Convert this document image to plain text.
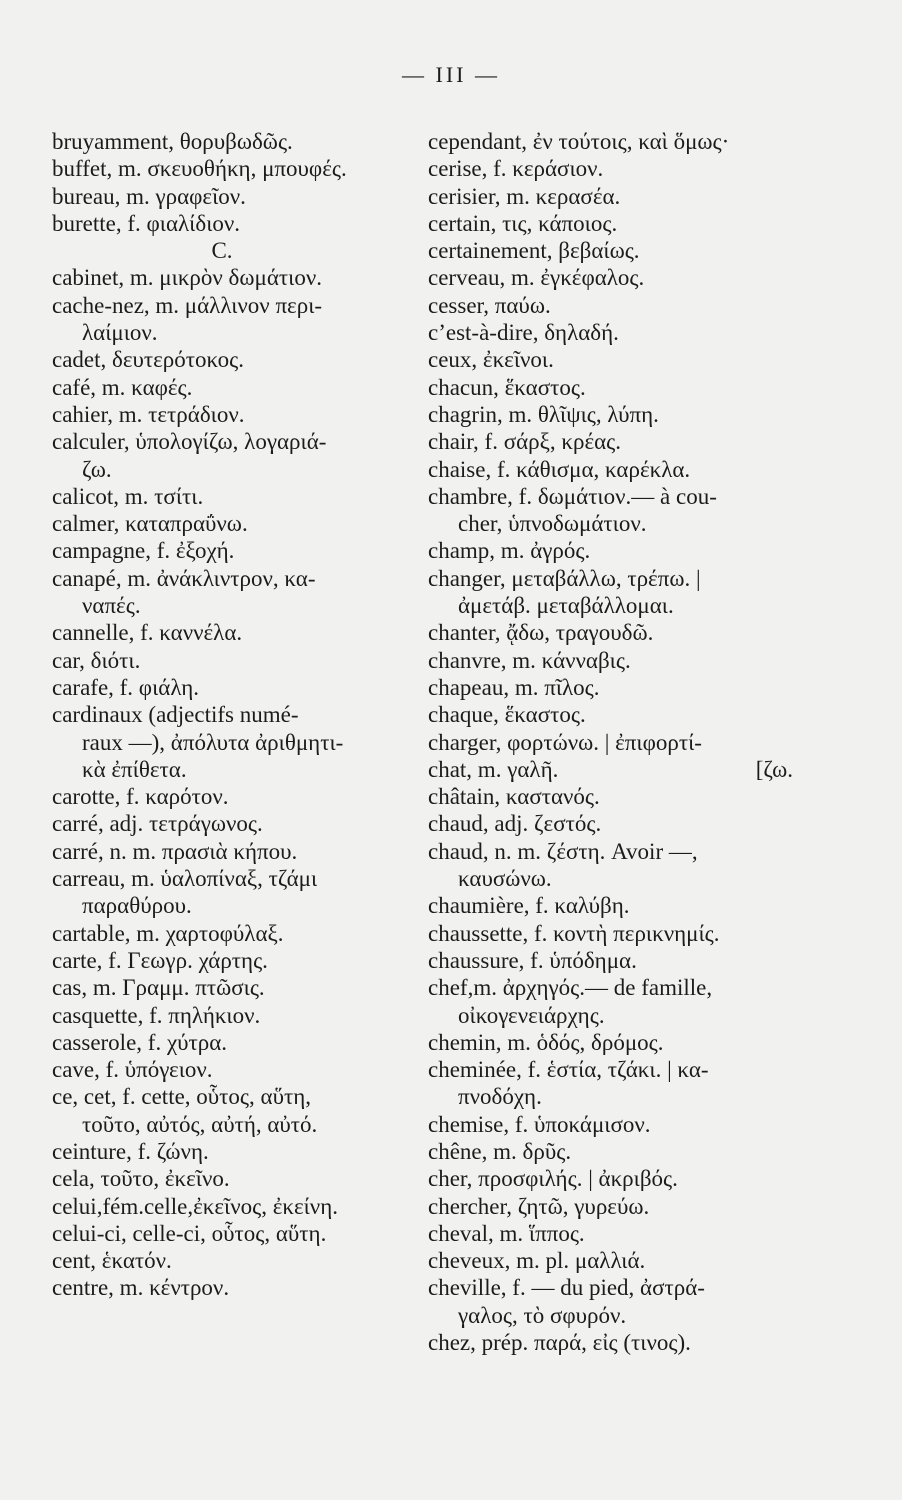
— III —
bruyamment, θορυβωδῶς.
buffet, m. σκευοθήκη, μπουφές.
bureau, m. γραφεῖον.
burette, f. φιαλίδιον.
C.
cabinet, m. μικρὸν δωμάτιον.
cache-nez, m. μάλλινον περι-
λαίμιον.
cadet, δευτερότοκος.
café, m. καφές.
cahier, m. τετράδιον.
calculer, ὑπολογίζω, λογαριά-
ζω.
calicot, m. τσίτι.
calmer, καταπραΰνω.
campagne, f. ἐξοχή.
canapé, m. ἀνάκλιντρον, κα-
ναπές.
cannelle, f. καννέλα.
car, διότι.
carafe, f. φιάλη.
cardinaux (adjectifs numé-
raux —), ἀπόλυτα ἀριθμητι-
κὰ ἐπίθετα.
carotte, f. καρότον.
carré, adj. τετράγωνος.
carré, n. m. πρασιὰ κήπου.
carreau, m. ὑαλοπίναξ, τζάμι
παραθύρου.
cartable, m. χαρτοφύλαξ.
carte, f. Γεωγρ. χάρτης.
cas, m. Γραμμ. πτῶσις.
casquette, f. πηλήκιον.
casserole, f. χύτρα.
cave, f. ὑπόγειον.
ce, cet, f. cette, οὗτος, αὕτη,
τοῦτο, αὐτός, αὐτή, αὐτό.
ceinture, f. ζώνη.
cela, τοῦτο, ἐκεῖνο.
celui,fém.celle,ἐκεῖνος, ἐκείνη.
celui-ci, celle-ci, οὗτος, αὕτη.
cent, ἑκατόν.
centre, m. κέντρον.
cependant, ἐν τούτοις, καὶ ὅμως·
cerise, f. κεράσιον.
cerisier, m. κερασέα.
certain, τις, κάποιος.
certainement, βεβαίως.
cerveau, m. ἐγκέφαλος.
cesser, παύω.
c’est-à-dire, δηλαδή.
ceux, ἐκεῖνοι.
chacun, ἕκαστος.
chagrin, m. θλῖψις, λύπη.
chair, f. σάρξ, κρέας.
chaise, f. κάθισμα, καρέκλα.
chambre, f. δωμάτιον.— à cou-
cher, ὑπνοδωμάτιον.
champ, m. ἀγρός.
changer, μεταβάλλω, τρέπω. |
ἀμετάβ. μεταβάλλομαι.
chanter, ᾄδω, τραγουδῶ.
chanvre, m. κάνναβις.
chapeau, m. πῖλος.
chaque, ἕκαστος.
charger, φορτώνω. | ἐπιφορτί-
chat, m. γαλῆ.	[ζω.
châtain, καστανός.
chaud, adj. ζεστός.
chaud, n. m. ζέστη. Avoir —,
καυσώνω.
chaumière, f. καλύβη.
chaussette, f. κοντὴ περικνημίς.
chaussure, f. ὑπόδημα.
chef,m. ἀρχηγός.— de famille,
οἰκογενειάρχης.
chemin, m. ὁδός, δρόμος.
cheminée, f. ἑστία, τζάκι. | κα-
πνοδόχη.
chemise, f. ὑποκάμισον.
chêne, m. δρῦς.
cher, προσφιλής. | ἀκριβός.
chercher, ζητῶ, γυρεύω.
cheval, m. ἵππος.
cheveux, m. pl. μαλλιά.
cheville, f. — du pied, ἀστρά-
γαλος, τὸ σφυρόν.
chez, prép. παρά, εἰς (τινος).
